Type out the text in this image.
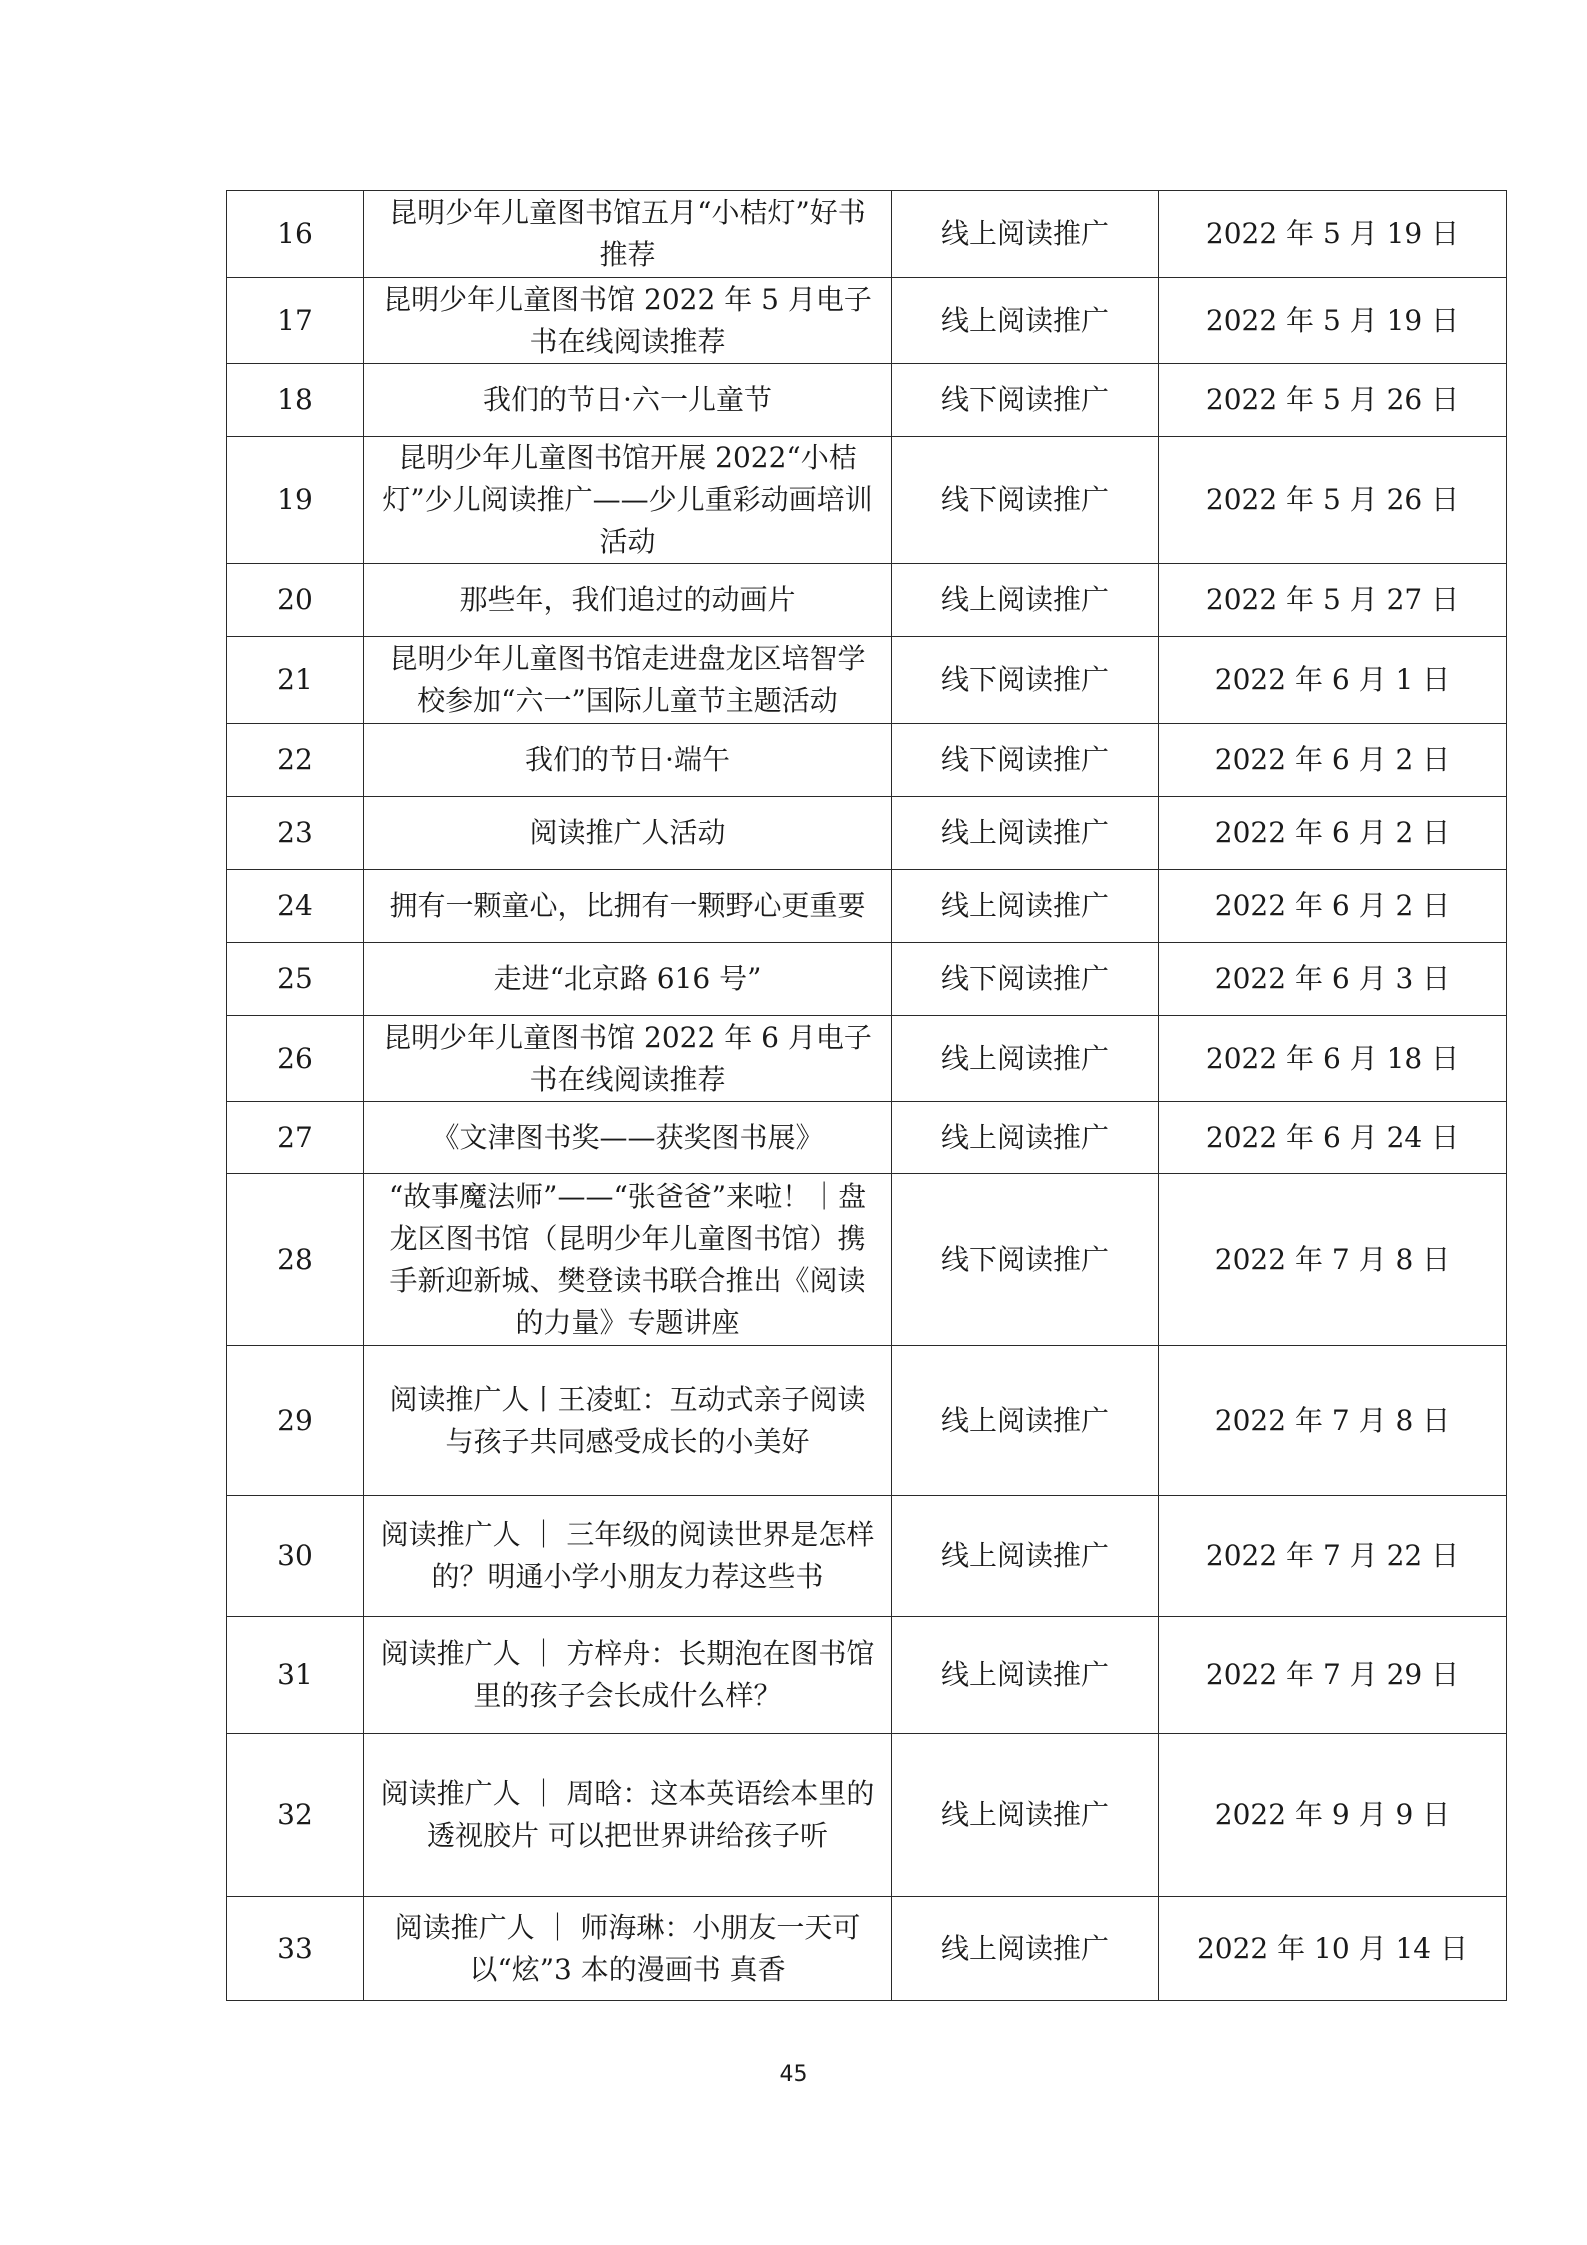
16	昆明少年儿童图书馆五月“小桔灯”好书推荐	线上阅读推广	2022 年 5 月 19 日
17	昆明少年儿童图书馆 2022 年 5 月电子书在线阅读推荐	线上阅读推广	2022 年 5 月 19 日
18	我们的节日·六一儿童节	线下阅读推广	2022 年 5 月 26 日
19	昆明少年儿童图书馆开展 2022“小桔灯”少儿阅读推广——少儿重彩动画培训活动	线下阅读推广	2022 年 5 月 26 日
20	那些年，我们追过的动画片	线上阅读推广	2022 年 5 月 27 日
21	昆明少年儿童图书馆走进盘龙区培智学校参加“六一”国际儿童节主题活动	线下阅读推广	2022 年 6 月 1 日
22	我们的节日·端午	线下阅读推广	2022 年 6 月 2 日
23	阅读推广人活动	线上阅读推广	2022 年 6 月 2 日
24	拥有一颗童心，比拥有一颗野心更重要	线上阅读推广	2022 年 6 月 2 日
25	走进“北京路 616 号”	线下阅读推广	2022 年 6 月 3 日
26	昆明少年儿童图书馆 2022 年 6 月电子书在线阅读推荐	线上阅读推广	2022 年 6 月 18 日
27	《文津图书奖——获奖图书展》	线上阅读推广	2022 年 6 月 24 日
28	“故事魔法师”——“张爸爸”来啦！｜盘龙区图书馆（昆明少年儿童图书馆）携手新迎新城、樊登读书联合推出《阅读的力量》专题讲座	线下阅读推广	2022 年 7 月 8 日
29	阅读推广人丨王凌虹：互动式亲子阅读与孩子共同感受成长的小美好	线上阅读推广	2022 年 7 月 8 日
30	阅读推广人 ｜ 三年级的阅读世界是怎样的？明通小学小朋友力荐这些书	线上阅读推广	2022 年 7 月 22 日
31	阅读推广人 ｜ 方梓舟：长期泡在图书馆里的孩子会长成什么样？	线上阅读推广	2022 年 7 月 29 日
32	阅读推广人 ｜ 周晗：这本英语绘本里的透视胶片 可以把世界讲给孩子听	线上阅读推广	2022 年 9 月 9 日
33	阅读推广人 ｜ 师海琳：小朋友一天可以“炫”3 本的漫画书 真香	线上阅读推广	2022 年 10 月 14 日
45
